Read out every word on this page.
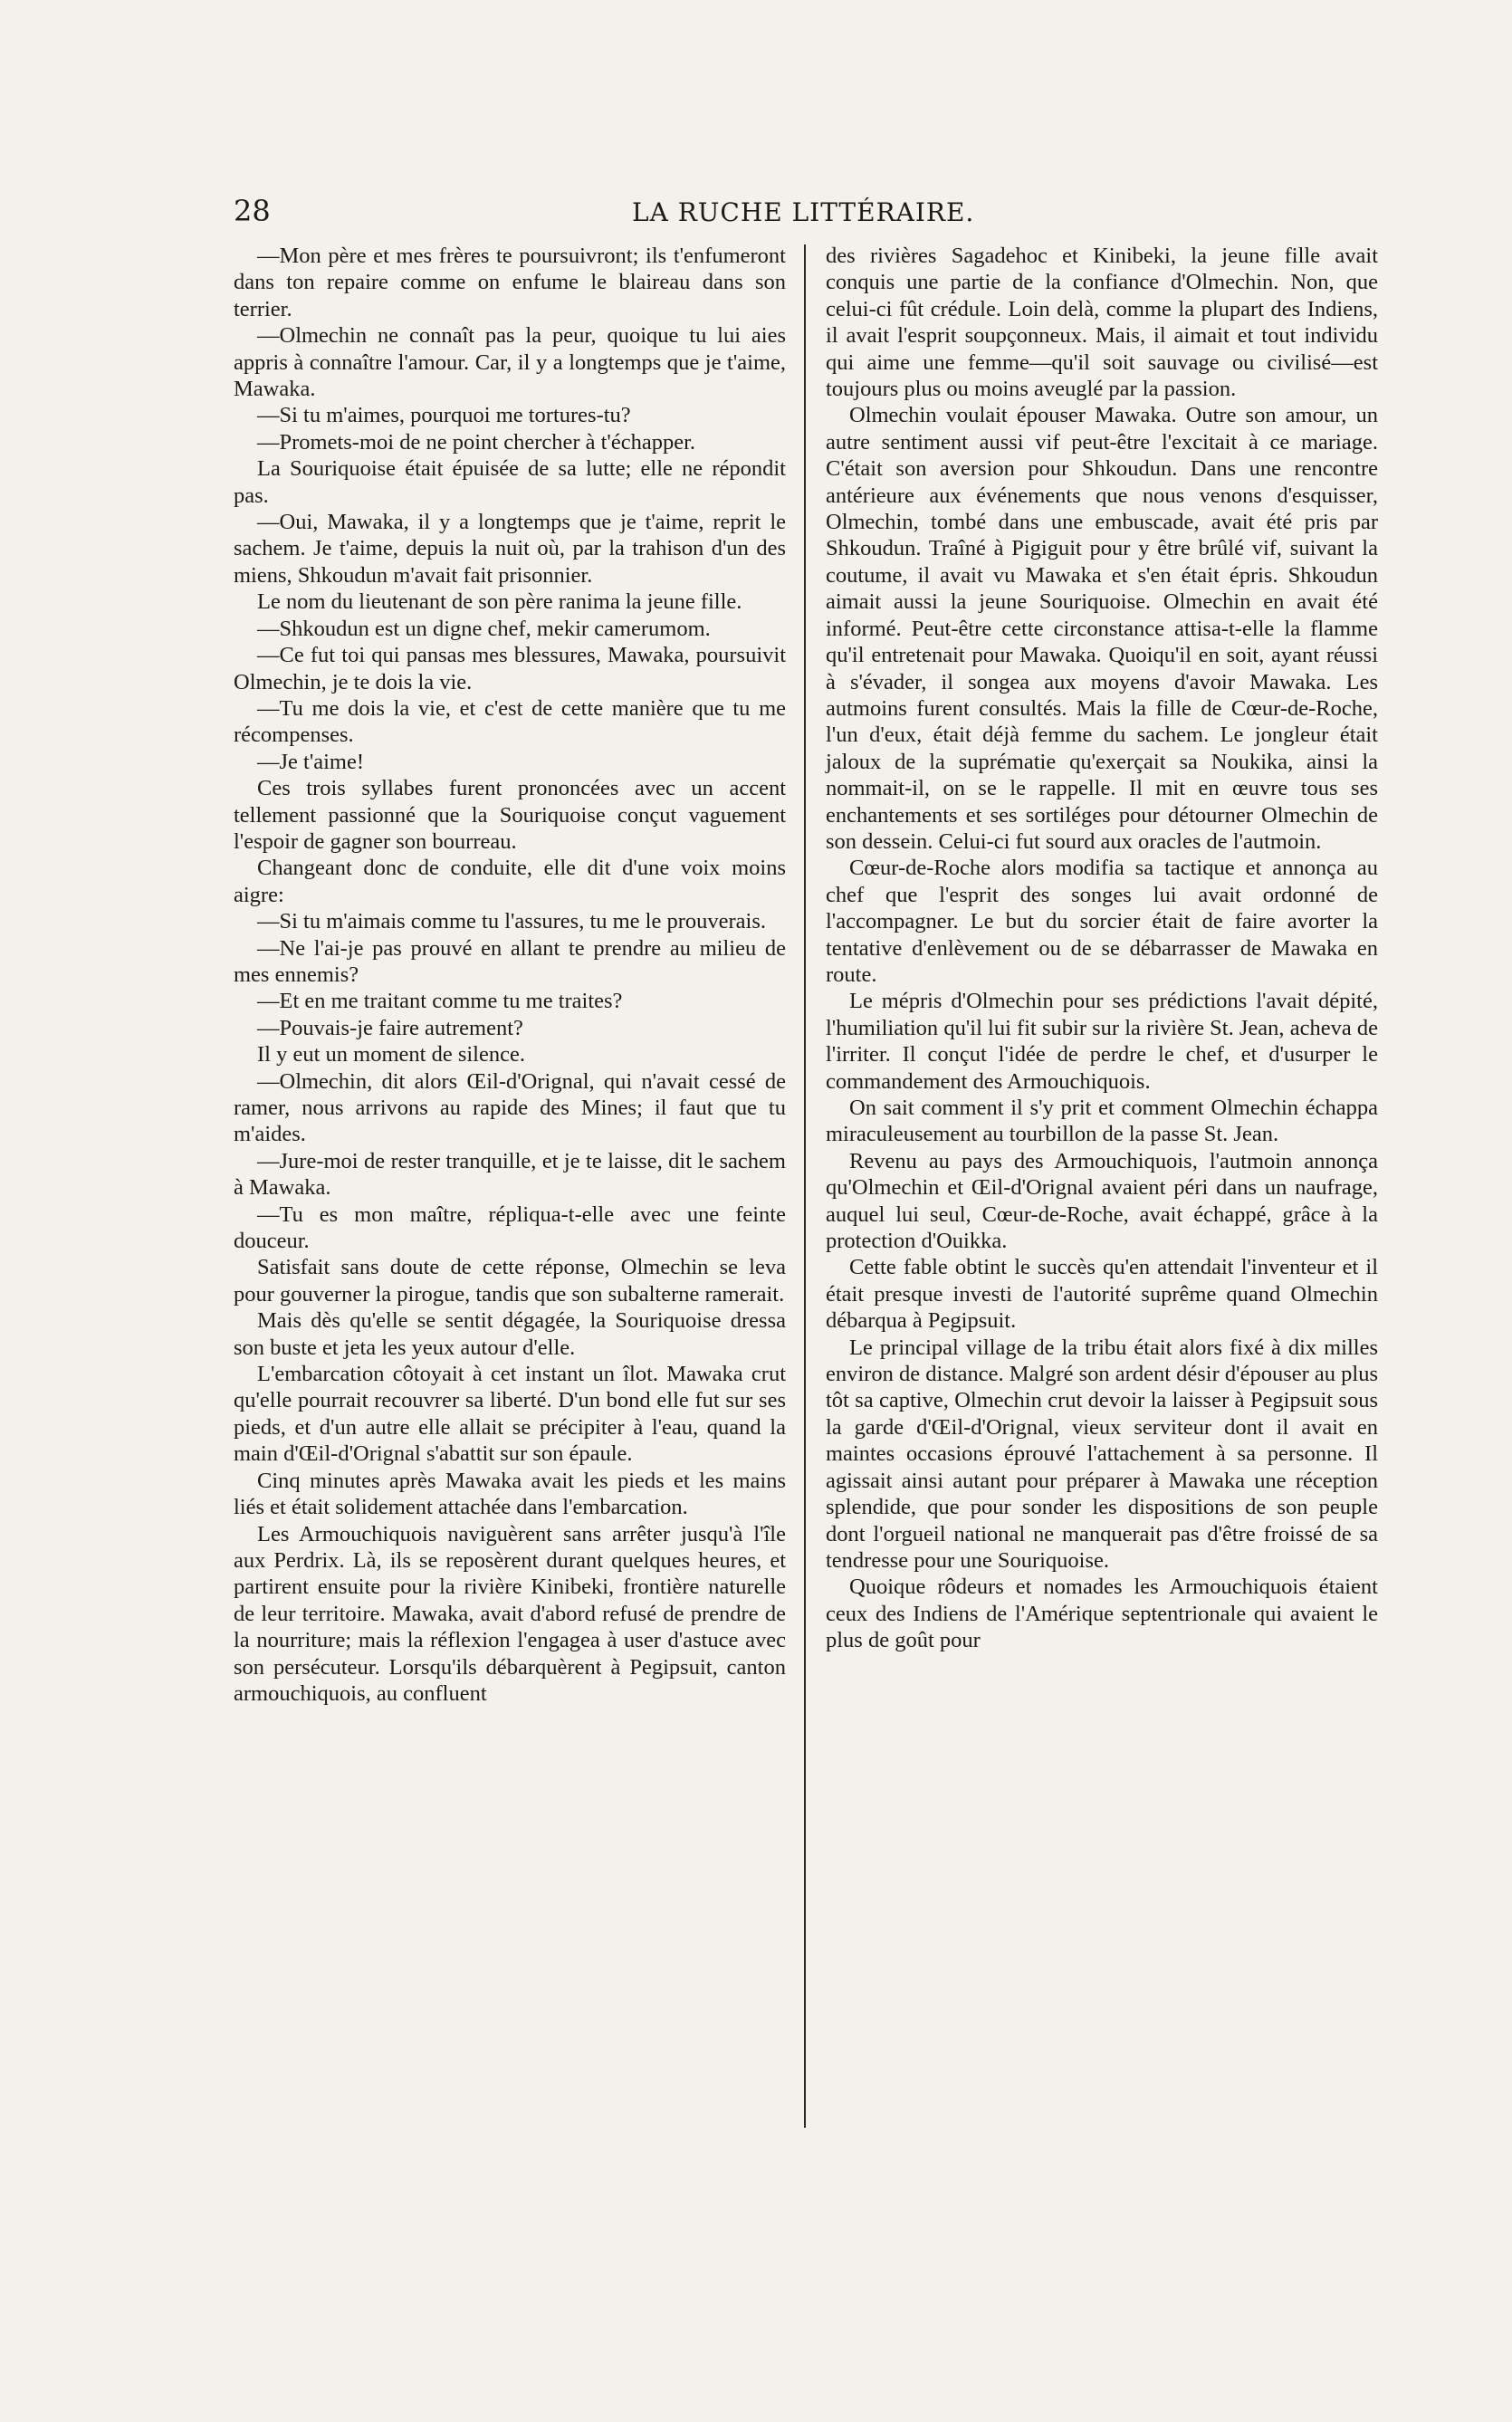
28	LA RUCHE LITTÉRAIRE.

—Mon père et mes frères te poursuivront; ils t'enfumeront dans ton repaire comme on enfume le blaireau dans son terrier.

—Olmechin ne connaît pas la peur, quoique tu lui aies appris à connaître l'amour. Car, il y a longtemps que je t'aime, Mawaka.

—Si tu m'aimes, pourquoi me tortures-tu?

—Promets-moi de ne point chercher à t'échapper.

La Souriquoise était épuisée de sa lutte; elle ne répondit pas.

—Oui, Mawaka, il y a longtemps que je t'aime, reprit le sachem. Je t'aime, depuis la nuit où, par la trahison d'un des miens, Shkoudun m'avait fait prisonnier.

Le nom du lieutenant de son père ranima la jeune fille.

—Shkoudun est un digne chef, mekir camerumom.

—Ce fut toi qui pansas mes blessures, Mawaka, poursuivit Olmechin, je te dois la vie.

—Tu me dois la vie, et c'est de cette manière que tu me récompenses.

—Je t'aime!

Ces trois syllabes furent prononcées avec un accent tellement passionné que la Souriquoise conçut vaguement l'espoir de gagner son bourreau.

Changeant donc de conduite, elle dit d'une voix moins aigre:

—Si tu m'aimais comme tu l'assures, tu me le prouverais.

—Ne l'ai-je pas prouvé en allant te prendre au milieu de mes ennemis?

—Et en me traitant comme tu me traites?

—Pouvais-je faire autrement?

Il y eut un moment de silence.

—Olmechin, dit alors Œil-d'Orignal, qui n'avait cessé de ramer, nous arrivons au rapide des Mines; il faut que tu m'aides.

—Jure-moi de rester tranquille, et je te laisse, dit le sachem à Mawaka.

—Tu es mon maître, répliqua-t-elle avec une feinte douceur.

Satisfait sans doute de cette réponse, Olmechin se leva pour gouverner la pirogue, tandis que son subalterne ramerait.

Mais dès qu'elle se sentit dégagée, la Souriquoise dressa son buste et jeta les yeux autour d'elle.

L'embarcation côtoyait à cet instant un îlot. Mawaka crut qu'elle pourrait recouvrer sa liberté. D'un bond elle fut sur ses pieds, et d'un autre elle allait se précipiter à l'eau, quand la main d'Œil-d'Orignal s'abattit sur son épaule.

Cinq minutes après Mawaka avait les pieds et les mains liés et était solidement attachée dans l'embarcation.

Les Armouchiquois naviguèrent sans arrêter jusqu'à l'île aux Perdrix. Là, ils se reposèrent durant quelques heures, et partirent ensuite pour la rivière Kinibeki, frontière naturelle de leur territoire. Mawaka, avait d'abord refusé de prendre de la nourriture; mais la réflexion l'engagea à user d'astuce avec son persécuteur. Lorsqu'ils débarquèrent à Pegipsuit, canton armouchiquois, au confluent

des rivières Sagadehoc et Kinibeki, la jeune fille avait conquis une partie de la confiance d'Olmechin. Non, que celui-ci fût crédule. Loin delà, comme la plupart des Indiens, il avait l'esprit soupçonneux. Mais, il aimait et tout individu qui aime une femme—qu'il soit sauvage ou civilisé—est toujours plus ou moins aveuglé par la passion.

Olmechin voulait épouser Mawaka. Outre son amour, un autre sentiment aussi vif peut-être l'excitait à ce mariage. C'était son aversion pour Shkoudun. Dans une rencontre antérieure aux événements que nous venons d'esquisser, Olmechin, tombé dans une embuscade, avait été pris par Shkoudun. Traîné à Pigiguit pour y être brûlé vif, suivant la coutume, il avait vu Mawaka et s'en était épris. Shkoudun aimait aussi la jeune Souriquoise. Olmechin en avait été informé. Peut-être cette circonstance attisa-t-elle la flamme qu'il entretenait pour Mawaka. Quoiqu'il en soit, ayant réussi à s'évader, il songea aux moyens d'avoir Mawaka. Les autmoins furent consultés. Mais la fille de Cœur-de-Roche, l'un d'eux, était déjà femme du sachem. Le jongleur était jaloux de la suprématie qu'exerçait sa Noukika, ainsi la nommait-il, on se le rappelle. Il mit en œuvre tous ses enchantements et ses sortiléges pour détourner Olmechin de son dessein. Celui-ci fut sourd aux oracles de l'autmoin.

Cœur-de-Roche alors modifia sa tactique et annonça au chef que l'esprit des songes lui avait ordonné de l'accompagner. Le but du sorcier était de faire avorter la tentative d'enlèvement ou de se débarrasser de Mawaka en route.

Le mépris d'Olmechin pour ses prédictions l'avait dépité, l'humiliation qu'il lui fit subir sur la rivière St. Jean, acheva de l'irriter. Il conçut l'idée de perdre le chef, et d'usurper le commandement des Armouchiquois.

On sait comment il s'y prit et comment Olmechin échappa miraculeusement au tourbillon de la passe St. Jean.

Revenu au pays des Armouchiquois, l'autmoin annonça qu'Olmechin et Œil-d'Orignal avaient péri dans un naufrage, auquel lui seul, Cœur-de-Roche, avait échappé, grâce à la protection d'Ouikka.

Cette fable obtint le succès qu'en attendait l'inventeur et il était presque investi de l'autorité suprême quand Olmechin débarqua à Pegipsuit.

Le principal village de la tribu était alors fixé à dix milles environ de distance. Malgré son ardent désir d'épouser au plus tôt sa captive, Olmechin crut devoir la laisser à Pegipsuit sous la garde d'Œil-d'Orignal, vieux serviteur dont il avait en maintes occasions éprouvé l'attachement à sa personne. Il agissait ainsi autant pour préparer à Mawaka une réception splendide, que pour sonder les dispositions de son peuple dont l'orgueil national ne manquerait pas d'être froissé de sa tendresse pour une Souriquoise.

Quoique rôdeurs et nomades les Armouchiquois étaient ceux des Indiens de l'Amérique septentrionale qui avaient le plus de goût pour
